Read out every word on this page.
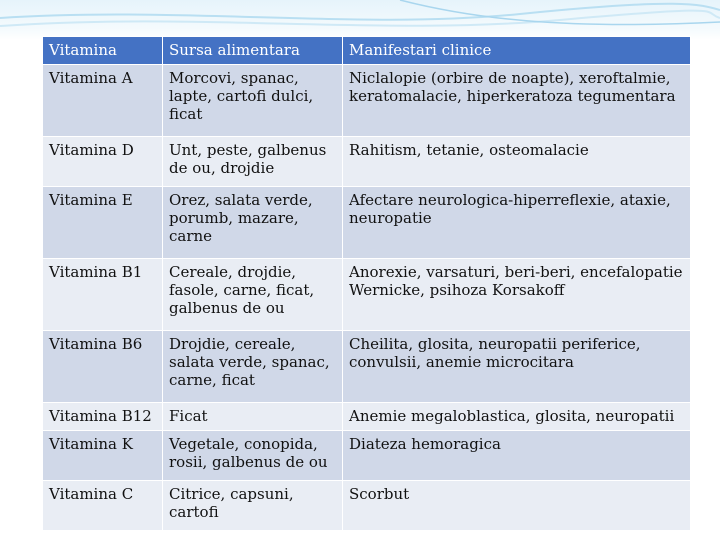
Vitamina	Sursa alimentara	Manifestari clinice
Vitamina A	Morcovi, spanac, lapte, cartofi dulci, ficat	Niclalopie (orbire de noapte), xeroftalmie, keratomalacie, hiperkeratoza tegumentara
Vitamina D	Unt, peste, galbenus de ou, drojdie	Rahitism, tetanie, osteomalacie
Vitamina E	Orez, salata verde, porumb, mazare, carne	Afectare neurologica-hiperreflexie, ataxie, neuropatie
Vitamina B1	Cereale, drojdie, fasole, carne, ficat, galbenus de ou	Anorexie, varsaturi, beri-beri, encefalopatie Wernicke, psihoza Korsakoff
Vitamina B6	Drojdie, cereale, salata verde, spanac, carne, ficat	Cheilita, glosita, neuropatii periferice, convulsii, anemie microcitara
Vitamina B12	Ficat	Anemie megaloblastica, glosita, neuropatii
Vitamina K	Vegetale, conopida, rosii, galbenus de ou	Diateza hemoragica
Vitamina C	Citrice, capsuni, cartofi	Scorbut
